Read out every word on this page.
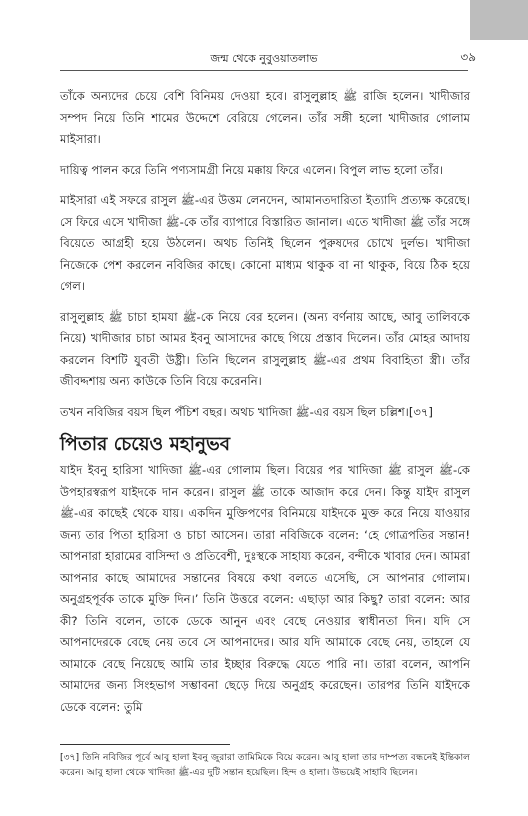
জন্ম থেকে নুবুওয়াতলাভ	৩৯

তাঁকে অন্যদের চেয়ে বেশি বিনিময় দেওয়া হবে। রাসুলুল্লাহ ﷺ রাজি হলেন। খাদীজার সম্পদ নিয়ে তিনি শামের উদ্দেশে বেরিয়ে গেলেন। তাঁর সঙ্গী হলো খাদীজার গোলাম মাইসারা।

দায়িত্ব পালন করে তিনি পণ্যসামগ্রী নিয়ে মক্কায় ফিরে এলেন। বিপুল লাভ হলো তাঁর।

মাইসারা এই সফরে রাসুল ﷺ-এর উত্তম লেনদেন, আমানতদারিতা ইত্যাদি প্রত্যক্ষ করেছে। সে ফিরে এসে খাদীজা ﷺ-কে তাঁর ব্যাপারে বিস্তারিত জানাল। এতে খাদীজা ﷺ তাঁর সঙ্গে বিয়েতে আগ্রহী হয়ে উঠলেন। অথচ তিনিই ছিলেন পুরুষদের চোখে দুর্লভ। খাদীজা নিজেকে পেশ করলেন নবিজির কাছে। কোনো মাধ্যম থাকুক বা না থাকুক, বিয়ে ঠিক হয়ে গেল।

রাসুলুল্লাহ ﷺ চাচা হামযা ﷺ-কে নিয়ে বের হলেন। (অন্য বর্ণনায় আছে, আবু তালিবকে নিয়ে) খাদীজার চাচা আমর ইবনু আসাদের কাছে গিয়ে প্রস্তাব দিলেন। তাঁর মোহর আদায় করলেন বিশটি যুবতী উষ্ট্রী। তিনি ছিলেন রাসুলুল্লাহ ﷺ-এর প্রথম বিবাহিতা স্ত্রী। তাঁর জীবদ্দশায় অন্য কাউকে তিনি বিয়ে করেননি।

তখন নবিজির বয়স ছিল পঁচিশ বছর। অথচ খাদিজা ﷺ-এর বয়স ছিল চল্লিশ।[৩৭]

পিতার চেয়েও মহানুভব

যাইদ ইবনু হারিসা খাদিজা ﷺ-এর গোলাম ছিল। বিয়ের পর খাদিজা ﷺ রাসুল ﷺ-কে উপহারস্বরূপ যাইদকে দান করেন। রাসুল ﷺ তাকে আজাদ করে দেন। কিন্তু যাইদ রাসুল ﷺ-এর কাছেই থেকে যায়। একদিন মুক্তিপণের বিনিময়ে যাইদকে মুক্ত করে নিয়ে যাওয়ার জন্য তার পিতা হারিসা ও চাচা আসেন। তারা নবিজিকে বলেন: ‘হে গোত্রপতির সন্তান! আপনারা হারামের বাসিন্দা ও প্রতিবেশী, দুঃস্থকে সাহায্য করেন, বন্দীকে খাবার দেন। আমরা আপনার কাছে আমাদের সন্তানের বিষয়ে কথা বলতে এসেছি, সে আপনার গোলাম। অনুগ্রহপূর্বক তাকে মুক্তি দিন।’ তিনি উত্তরে বলেন: এছাড়া আর কিছু? তারা বলেন: আর কী? তিনি বলেন, তাকে ডেকে আনুন এবং বেছে নেওয়ার স্বাধীনতা দিন। যদি সে আপনাদেরকে বেছে নেয় তবে সে আপনাদের। আর যদি আমাকে বেছে নেয়, তাহলে যে আমাকে বেছে নিয়েছে আমি তার ইচ্ছার বিরুদ্ধে যেতে পারি না। তারা বলেন, আপনি আমাদের জন্য সিংহভাগ সম্ভাবনা ছেড়ে দিয়ে অনুগ্রহ করেছেন। তারপর তিনি যাইদকে ডেকে বলেন: তুমি

[৩৭] তিনি নবিজির পূর্বে আবু হালা ইবনু জুরারা তামিমিকে বিয়ে করেন। আবু হালা তার দাম্পত্য বন্ধনেই ইন্তিকাল করেন। আবু হালা থেকে খাদিজা ﷺ-এর দুটি সন্তান হয়েছিল। হিন্দ ও হালা। উভয়েই সাহাবি ছিলেন।
